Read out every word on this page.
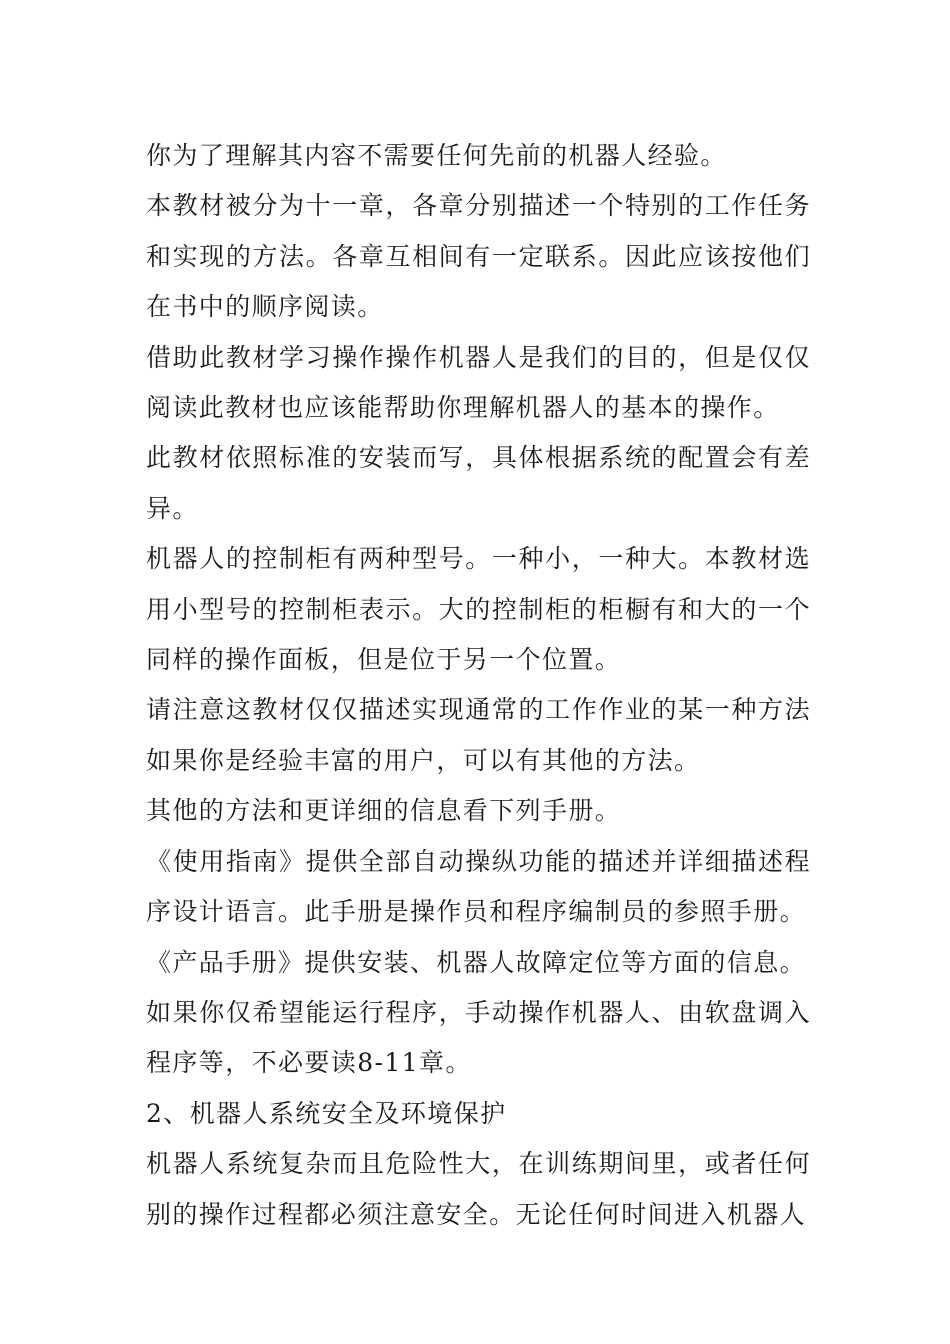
你为了理解其内容不需要任何先前的机器人经验。

本教材被分为十一章，各章分别描述一个特别的工作任务和实现的方法。各章互相间有一定联系。因此应该按他们在书中的顺序阅读。

借助此教材学习操作操作机器人是我们的目的，但是仅仅阅读此教材也应该能帮助你理解机器人的基本的操作。

此教材依照标准的安装而写，具体根据系统的配置会有差异。

机器人的控制柜有两种型号。一种小，一种大。本教材选用小型号的控制柜表示。大的控制柜的柜橱有和大的一个同样的操作面板，但是位于另一个位置。

请注意这教材仅仅描述实现通常的工作作业的某一种方法如果你是经验丰富的用户，可以有其他的方法。

其他的方法和更详细的信息看下列手册。

《使用指南》提供全部自动操纵功能的描述并详细描述程序设计语言。此手册是操作员和程序编制员的参照手册。

《产品手册》提供安装、机器人故障定位等方面的信息。

如果你仅希望能运行程序，手动操作机器人、由软盘调入程序等，不必要读8-11章。

2、机器人系统安全及环境保护

机器人系统复杂而且危险性大，在训练期间里，或者任何别的操作过程都必须注意安全。无论任何时间进入机器人
